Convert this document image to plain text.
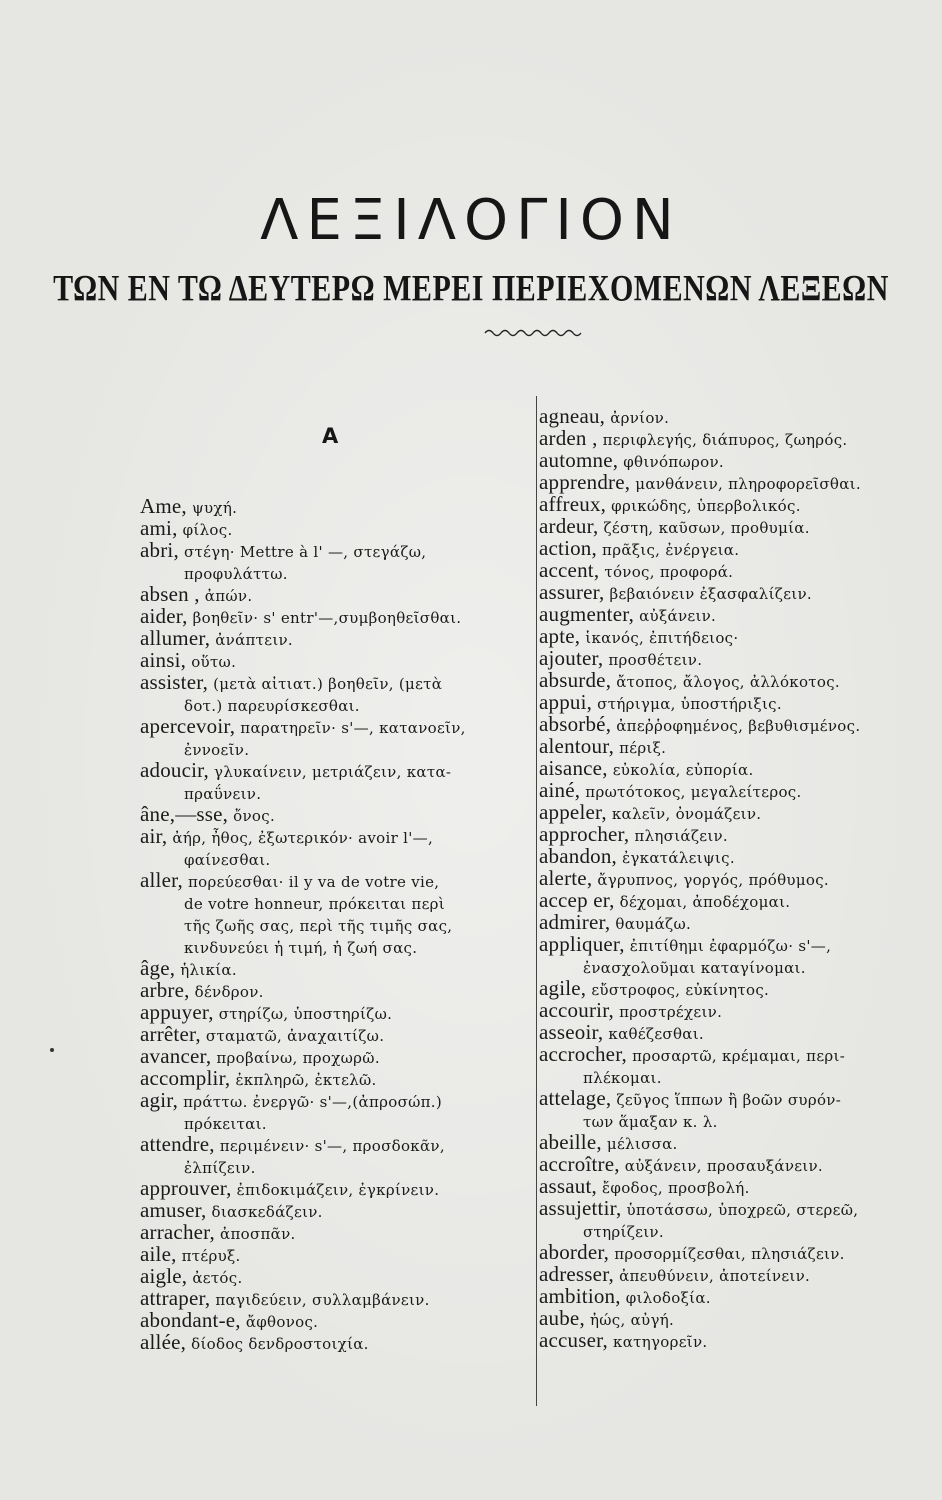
ΛΕΞΙΛΟΓΙΟΝ
ΤΩΝ ΕΝ ΤΩ ΔΕΥΤΕΡΩ ΜΕΡΕΙ ΠΕΡΙΕΧΟΜΕΝΩΝ ΛΕΞΕΩΝ
A
Ame, ψυχή.
ami, φίλος.
abri, στέγη· Mettre à l' —, στεγάζω,
προφυλάττω.
absen , ἀπών.
aider, βοηθεῖν· s' entr'—,συμβοηθεῖσθαι.
allumer, ἀνάπτειν.
ainsi, οὕτω.
assister, (μετὰ αἰτιατ.) βοηθεῖν, (μετὰ
δοτ.) παρευρίσκεσθαι.
apercevoir, παρατηρεῖν· s'—, κατανοεῖν,
ἐννοεῖν.
adoucir, γλυκαίνειν, μετριάζειν, κατα-
πραΰνειν.
âne,—sse, ὄνος.
air, ἀήρ, ἦθος, ἐξωτερικόν· avoir l'—,
φαίνεσθαι.
aller, πορεύεσθαι· il y va de votre vie,
de votre honneur, πρόκειται περὶ
τῆς ζωῆς σας, περὶ τῆς τιμῆς σας,
κινδυνεύει ἡ τιμή, ἡ ζωή σας.
âge, ἡλικία.
arbre, δένδρον.
appuyer, στηρίζω, ὑποστηρίζω.
arrêter, σταματῶ, ἀναχαιτίζω.
avancer, προβαίνω, προχωρῶ.
accomplir, ἐκπληρῶ, ἐκτελῶ.
agir, πράττω. ἐνεργῶ· s'—,(ἀπροσώπ.)
πρόκειται.
attendre, περιμένειν· s'—, προσδοκᾶν,
ἐλπίζειν.
approuver, ἐπιδοκιμάζειν, ἐγκρίνειν.
amuser, διασκεδάζειν.
arracher, ἀποσπᾶν.
aile, πτέρυξ.
aigle, ἀετός.
attraper, παγιδεύειν, συλλαμβάνειν.
abondant-e, ἄφθονος.
allée, δίοδος δενδροστοιχία.
agneau, ἀρνίον.
arden , περιφλεγής, διάπυρος, ζωηρός.
automne, φθινόπωρον.
apprendre, μανθάνειν, πληροφορεῖσθαι.
affreux, φρικώδης, ὑπερβολικός.
ardeur, ζέστη, καῦσων, προθυμία.
action, πρᾶξις, ἐνέργεια.
accent, τόνος, προφορά.
assurer, βεβαιόνειν ἐξασφαλίζειν.
augmenter, αὐξάνειν.
apte, ἱκανός, ἐπιτήδειος·
ajouter, προσθέτειν.
absurde, ἄτοπος, ἄλογος, ἀλλόκοτος.
appui, στήριγμα, ὑποστήριξις.
absorbé, ἀπεῤῥοφημένος, βεβυθισμένος.
alentour, πέριξ.
aisance, εὐκολία, εὐπορία.
ainé, πρωτότοκος, μεγαλείτερος.
appeler, καλεῖν, ὀνομάζειν.
approcher, πλησιάζειν.
abandon, ἐγκατάλειψις.
alerte, ἄγρυπνος, γοργός, πρόθυμος.
accep er, δέχομαι, ἀποδέχομαι.
admirer, θαυμάζω.
appliquer, ἐπιτίθημι ἐφαρμόζω· s'—,
ἐνασχολοῦμαι καταγίνομαι.
agile, εὔστροφος, εὐκίνητος.
accourir, προστρέχειν.
asseoir, καθέζεσθαι.
accrocher, προσαρτῶ, κρέμαμαι, περι-
πλέκομαι.
attelage, ζεῦγος ἵππων ἢ βοῶν συρόν-
των ἅμαξαν κ. λ.
abeille, μέλισσα.
accroître, αὐξάνειν, προσαυξάνειν.
assaut, ἔφοδος, προσβολή.
assujettir, ὑποτάσσω, ὑποχρεῶ, στερεῶ,
στηρίζειν.
aborder, προσορμίζεσθαι, πλησιάζειν.
adresser, ἀπευθύνειν, ἀποτείνειν.
ambition, φιλοδοξία.
aube, ἠώς, αὐγή.
accuser, κατηγορεῖν.
